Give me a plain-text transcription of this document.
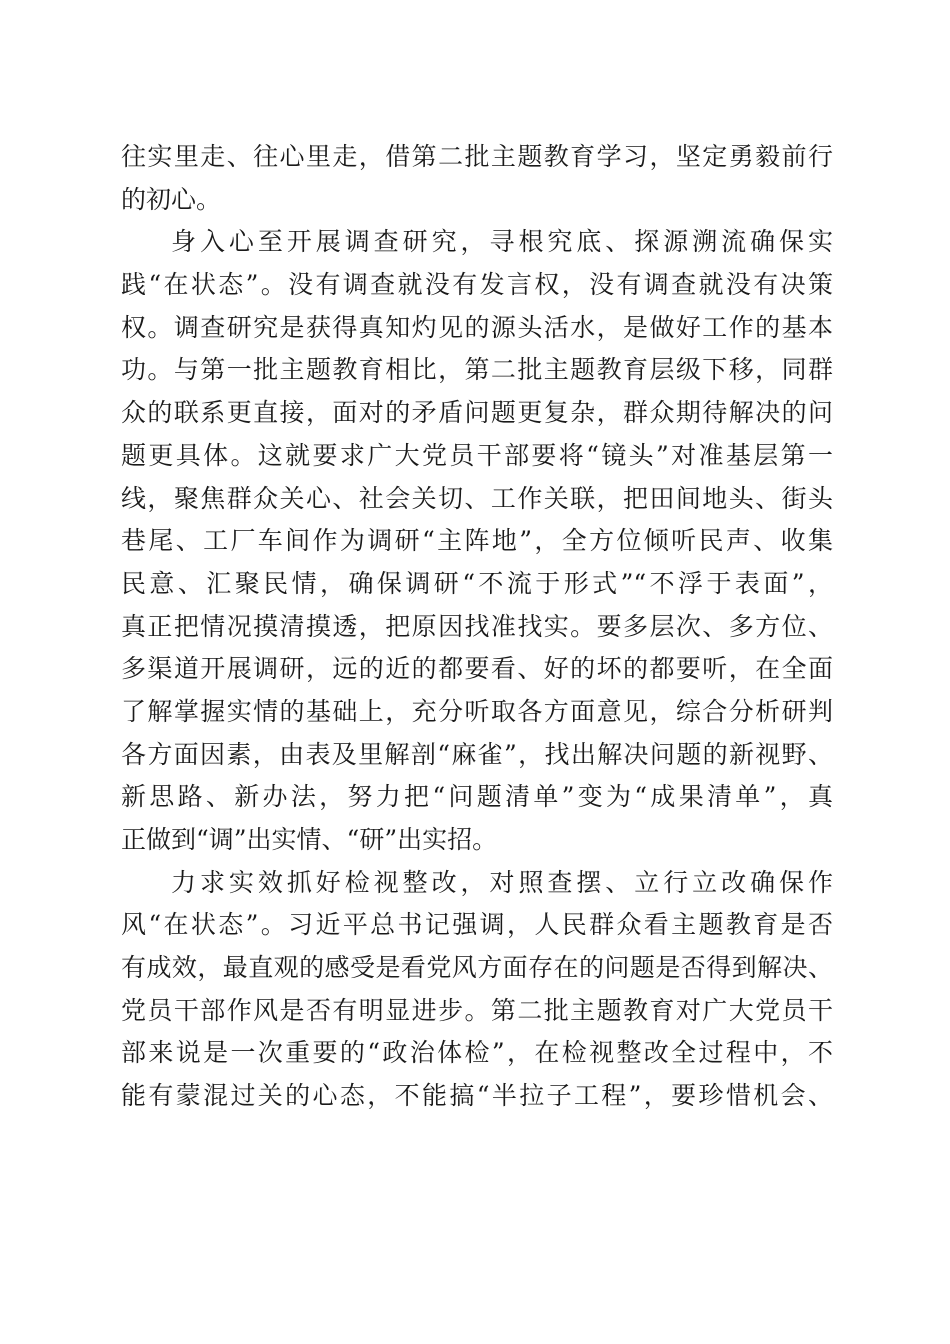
往实里走、往心里走，借第二批主题教育学习，坚定勇毅前行
的初心。
身入心至开展调查研究，寻根究底、探源溯流确保实
践“在状态”。没有调查就没有发言权，没有调查就没有决策
权。调查研究是获得真知灼见的源头活水，是做好工作的基本
功。与第一批主题教育相比，第二批主题教育层级下移，同群
众的联系更直接，面对的矛盾问题更复杂，群众期待解决的问
题更具体。这就要求广大党员干部要将“镜头”对准基层第一
线，聚焦群众关心、社会关切、工作关联，把田间地头、街头
巷尾、工厂车间作为调研“主阵地”，全方位倾听民声、收集
民意、汇聚民情，确保调研“不流于形式”“不浮于表面”，
真正把情况摸清摸透，把原因找准找实。要多层次、多方位、
多渠道开展调研，远的近的都要看、好的坏的都要听，在全面
了解掌握实情的基础上，充分听取各方面意见，综合分析研判
各方面因素，由表及里解剖“麻雀”，找出解决问题的新视野、
新思路、新办法，努力把“问题清单”变为“成果清单”，真
正做到“调”出实情、“研”出实招。
力求实效抓好检视整改，对照查摆、立行立改确保作
风“在状态”。习近平总书记强调，人民群众看主题教育是否
有成效，最直观的感受是看党风方面存在的问题是否得到解决、
党员干部作风是否有明显进步。第二批主题教育对广大党员干
部来说是一次重要的“政治体检”，在检视整改全过程中，不
能有蒙混过关的心态，不能搞“半拉子工程”，要珍惜机会、
